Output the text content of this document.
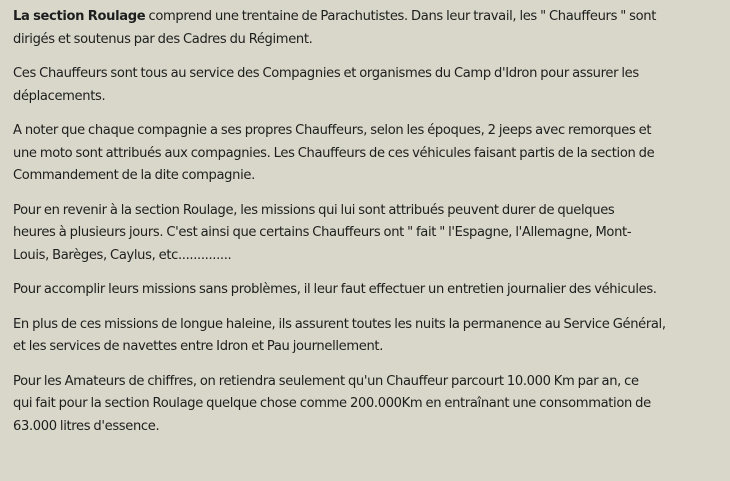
La section Roulage comprend une trentaine de Parachutistes. Dans leur travail, les " Chauffeurs " sont
dirigés et soutenus par des Cadres du Régiment.

Ces Chauffeurs sont tous au service des Compagnies et organismes du Camp d'Idron pour assurer les
déplacements.

A noter que chaque compagnie a ses propres Chauffeurs, selon les époques, 2 jeeps avec remorques et
une moto sont attribués aux compagnies. Les Chauffeurs de ces véhicules faisant partis de la section de
Commandement de la dite compagnie.

Pour en revenir à la section Roulage, les missions qui lui sont attribués peuvent durer de quelques
heures à plusieurs jours. C'est ainsi que certains Chauffeurs ont " fait " l'Espagne, l'Allemagne, Mont-
Louis, Barèges, Caylus, etc..............

Pour accomplir leurs missions sans problèmes, il leur faut effectuer un entretien journalier des véhicules.

En plus de ces missions de longue haleine, ils assurent toutes les nuits la permanence au Service Général,
et les services de navettes entre Idron et Pau journellement.

Pour les Amateurs de chiffres, on retiendra seulement qu'un Chauffeur parcourt 10.000 Km par an, ce
qui fait pour la section Roulage quelque chose comme 200.000Km en entraînant une consommation de
63.000 litres d'essence.
